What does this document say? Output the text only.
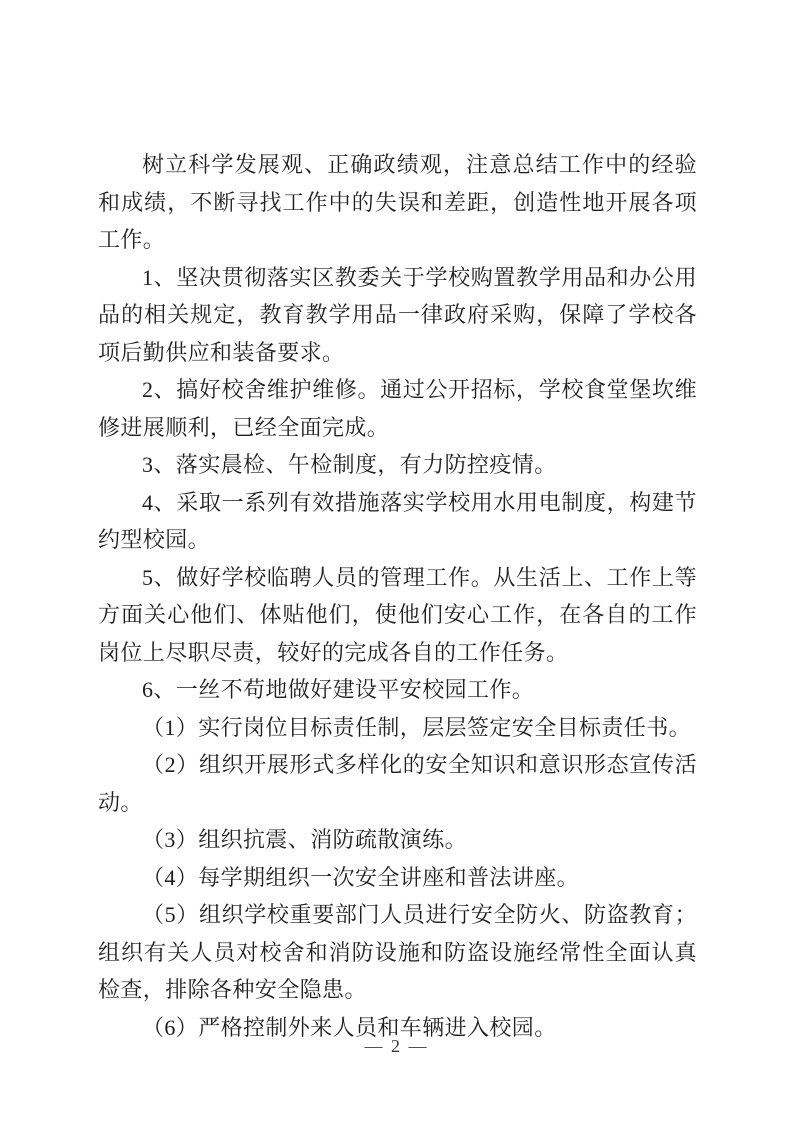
树立科学发展观、正确政绩观，注意总结工作中的经验和成绩，不断寻找工作中的失误和差距，创造性地开展各项工作。

1、坚决贯彻落实区教委关于学校购置教学用品和办公用品的相关规定，教育教学用品一律政府采购，保障了学校各项后勤供应和装备要求。

2、搞好校舍维护维修。通过公开招标，学校食堂堡坎维修进展顺利，已经全面完成。

3、落实晨检、午检制度，有力防控疫情。

4、采取一系列有效措施落实学校用水用电制度，构建节约型校园。

5、做好学校临聘人员的管理工作。从生活上、工作上等方面关心他们、体贴他们，使他们安心工作，在各自的工作岗位上尽职尽责，较好的完成各自的工作任务。

6、一丝不苟地做好建设平安校园工作。

（1）实行岗位目标责任制，层层签定安全目标责任书。

（2）组织开展形式多样化的安全知识和意识形态宣传活动。

（3）组织抗震、消防疏散演练。

（4）每学期组织一次安全讲座和普法讲座。

（5）组织学校重要部门人员进行安全防火、防盗教育；组织有关人员对校舍和消防设施和防盗设施经常性全面认真检查，排除各种安全隐患。

（6）严格控制外来人员和车辆进入校园。

— 2 —
